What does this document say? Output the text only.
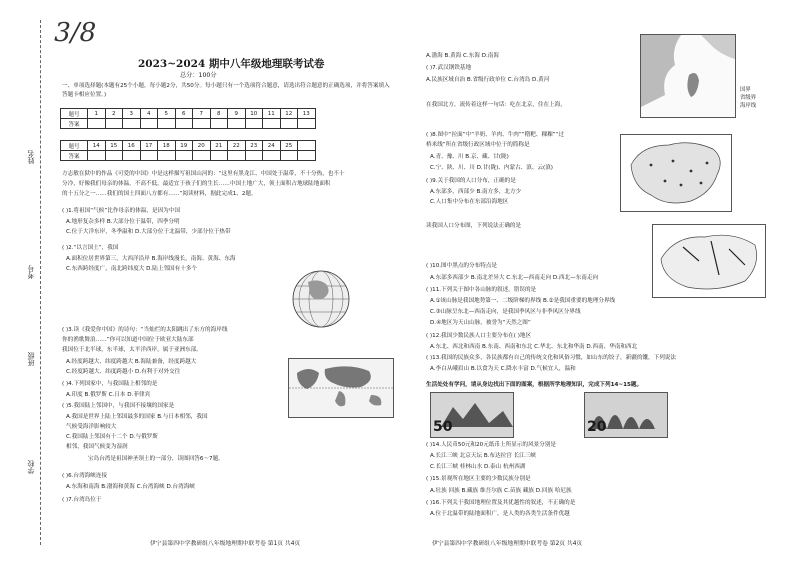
3/8
姓名
考号
班级
学校
2023~2024 期中八年级地理联考试卷
总分：100分
一、单项选择题(本题有25个小题，每小题2分，共50分。每小题只有一个选项符合题意，请选出符合题意的正确选项，并将答案填入答题卡相应位置。)
题号	1	2	3	4	5	6	7	8	9	10	11	12	13
答案													
题号	14	15	16	17	18	19	20	21	22	23	24	25	
答案													
方志敏在狱中的作品《可爱的中国》中是这样描写祖国山河的：“这里有黑龙江、中国处于温带，不十分热，也不十
分冷，好像我们母亲的体温，不高不低，最适宜于孩子们的生长……中国土地广大，领土面积占地球陆地面积
的十五分之一……我们的国土四面八方都有……”阅读材料，据此完成1、2题。
( )1.将祖国“气候”比作母亲的体温，是因为中国
A.地形复杂多样 B.大部分位于温带，四季分明
C.位于大洋东岸，冬季温和 D.大部分位于北温带，少部分位于热带
( )2.“以言国土”，我国
A.面积位居世界第三，大西洋沿岸 B.海岸线漫长，南海、黄海、东海
C.东西跨经度广，南北跨纬度大 D.陆上邻国有十多个
( )3.读《我爱你中国》的诗句：“当灿烂的太阳跳出了东方的海岸线
你的渔歌舞浪……”你可以知道中国位于欧亚大陆东部
我国位于北半球，东半球，太平洋西岸，属于亚洲东部。
A.经度跨越大、纬度跨越大 B.海陆兼备，经度跨越大
C.经度跨越大、纬度跨越小 D.有利于对外交往
( )4.下列国家中，与我国陆上相邻的是
A.印度 B.俄罗斯 C.日本 D.菲律宾
( )5.我国陆上邻国中，与我国不接壤的国家是
A.我国是世界上陆上邻国最多的国家 B.与日本相邻，我国
气候受海洋影响较大
C.我国陆上邻国有十二个 D.与俄罗斯
相邻，我国气候变为湿润
宝岛台湾是祖国神圣领土的一部分，读图回答6～7题。
( )6.台湾海峡连接
A.东海和南海 B.渤海和黄海 C.台湾海峡 D.台湾海峡
( )7.台湾岛位于
伊宁县第四中学教研组八年级地理期中联考卷 第1页 共4页
A.渤海 B.黄海 C.东海 D.南海
( )7.武汉钢铁基地
A.民族区域自治 B.省级行政单位 C.台湾岛 D.黄河
在我国北方，流传着这样一句话：吃在北京，住在上海，
( )8.图中“拉面”中“羊奶、羊肉、牛肉”“糌粑、稞稞”“过
桥米线”所在省级行政区域中位于的简称是
A.青、豫、川 B.京、藏、甘(陇)
C.宁、陕、川、川 D.甘(陇)、内蒙古、滇、云(滇)
( )9.关于我国的人口分布，正确的是
A.东部多，西部少 B.南方多，北方少
C.人口集中分布在东部沿海地区
读我国人口分布图，下列说法正确的是
( )10.图中黑点的分布特点是
A.东部多西部少 B.南北差异大 C.东北—西南走向 D.西北—东南走向
( )11.下列关于图中各山脉的叙述，错误的是
A.①该山脉是我国地势第一、二级阶梯的界线 B.②是我国重要的地理分界线
C.③山脉呈东北—西南走向，是我国季风区与非季风区分界线
D.④地区为天山山脉，被誉为“天然之图”
( )12.我国少数民族人口主要分布在( )地区
A.东北、西北和西南 B.东南、西南和东北 C.华北、东北和华南 D.西南、华南和西北
( )13.我国的民族众多，各民族都有自己的传统文化和风俗习惯，如山东的饺子，新疆的馕，下列说法
A.李白从峨眉山 B.以食为天 C.降水丰富 D.气候宜人，温和
生活处处有学问，请从身边找出下面的图案，根据所学地理知识，完成下列14~15题。
( )14.人民币50元和20元纸币上所显示的风景分别是
A.长江三峡 北京天坛 B.布达拉宫 长江三峡
C.长江三峡 桂林山水 D.泰山 杭州西湖
( )15.景观所在地区主要的少数民族分别是
A.壮族 回族 B.藏族 维吾尔族 C.苗族 藏族 D.回族 哈尼族
( )16.下列关于我国地理位置及其优越性的叙述，不正确的是
A.位于北温带的陆地面积广，是人类的各类生活条件优越
国界
省级界
海岸线
50	20
伊宁县第四中学教研组八年级地理期中联考卷 第2页 共4页
